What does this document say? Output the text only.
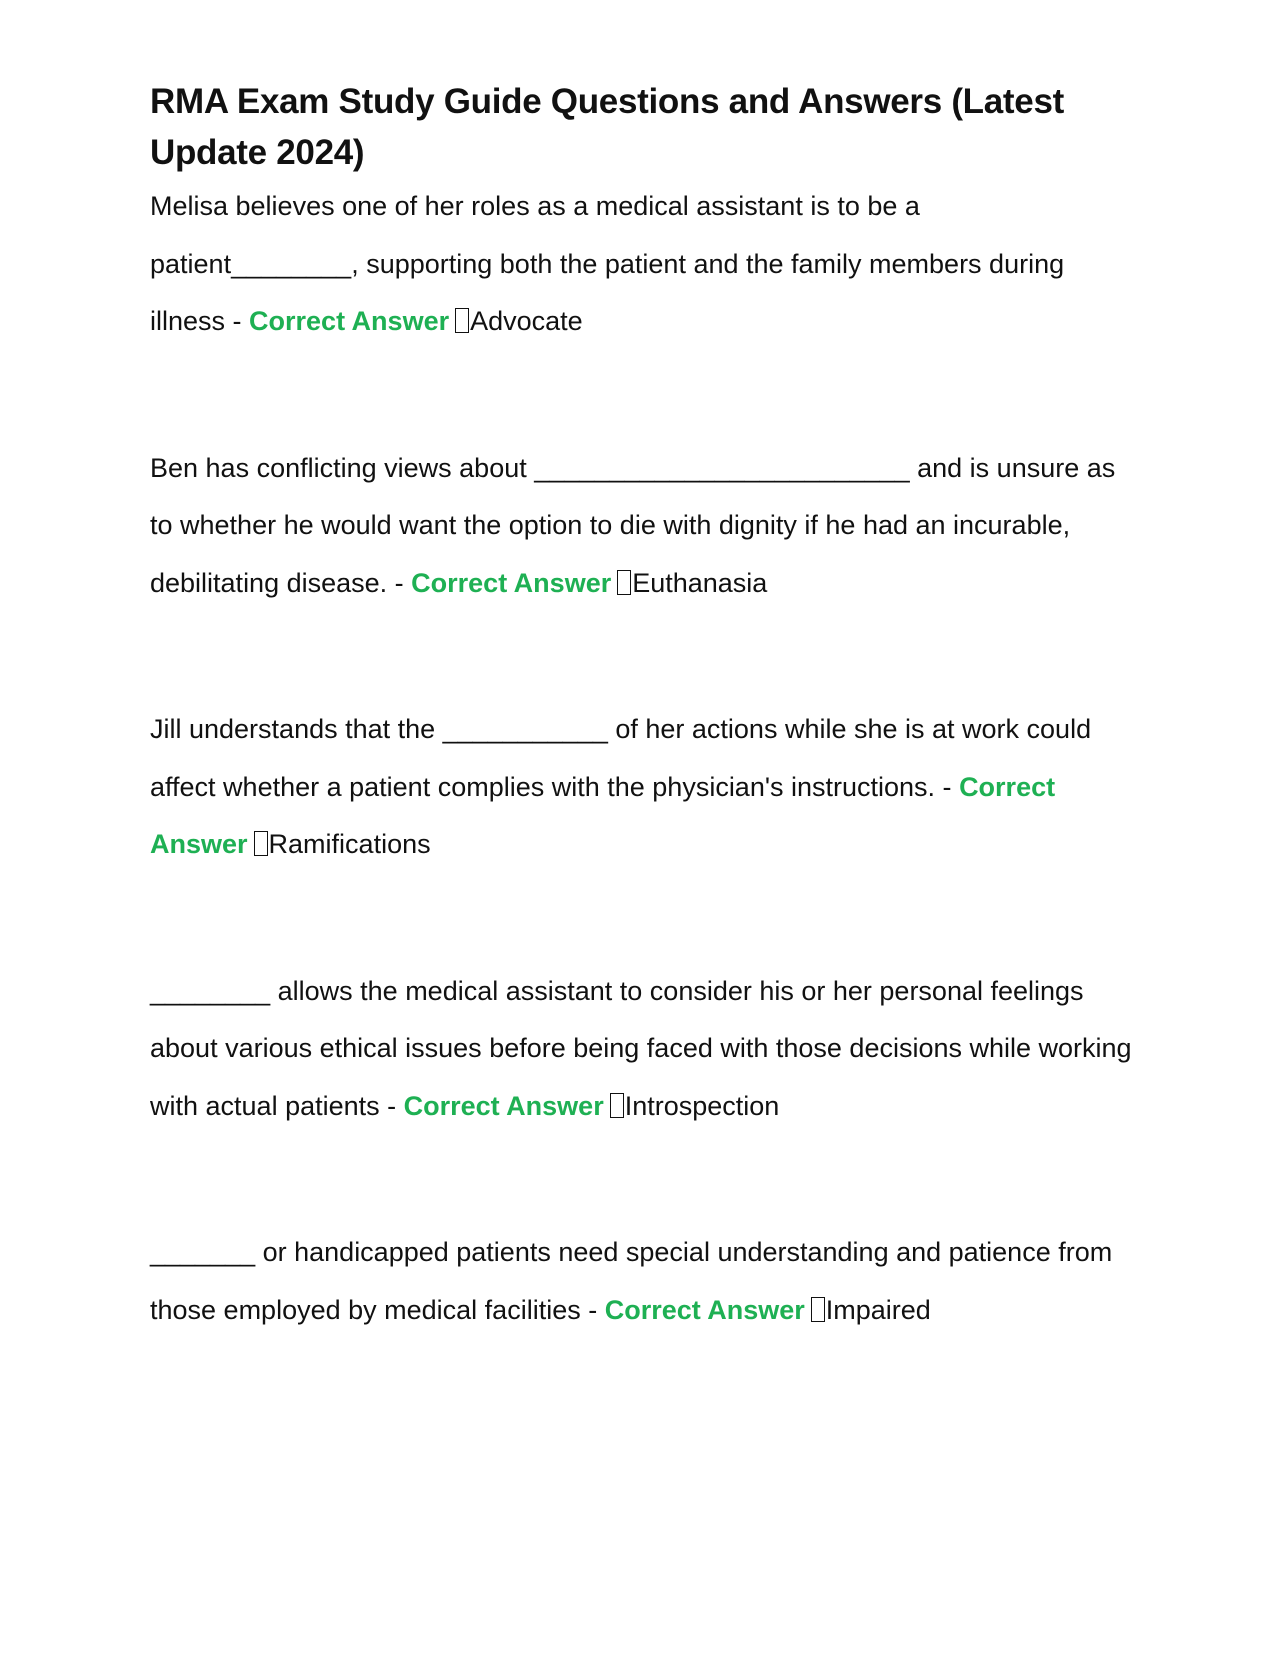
RMA Exam Study Guide Questions and Answers (Latest Update 2024)

Melisa believes one of her roles as a medical assistant is to be a patient________, supporting both the patient and the family members during illness - Correct Answer Advocate

Ben has conflicting views about _________________________ and is unsure as to whether he would want the option to die with dignity if he had an incurable, debilitating disease. - Correct Answer Euthanasia

Jill understands that the ___________ of her actions while she is at work could affect whether a patient complies with the physician's instructions. - Correct Answer Ramifications

________ allows the medical assistant to consider his or her personal feelings about various ethical issues before being faced with those decisions while working with actual patients - Correct Answer Introspection

_______ or handicapped patients need special understanding and patience from those employed by medical facilities - Correct Answer Impaired
